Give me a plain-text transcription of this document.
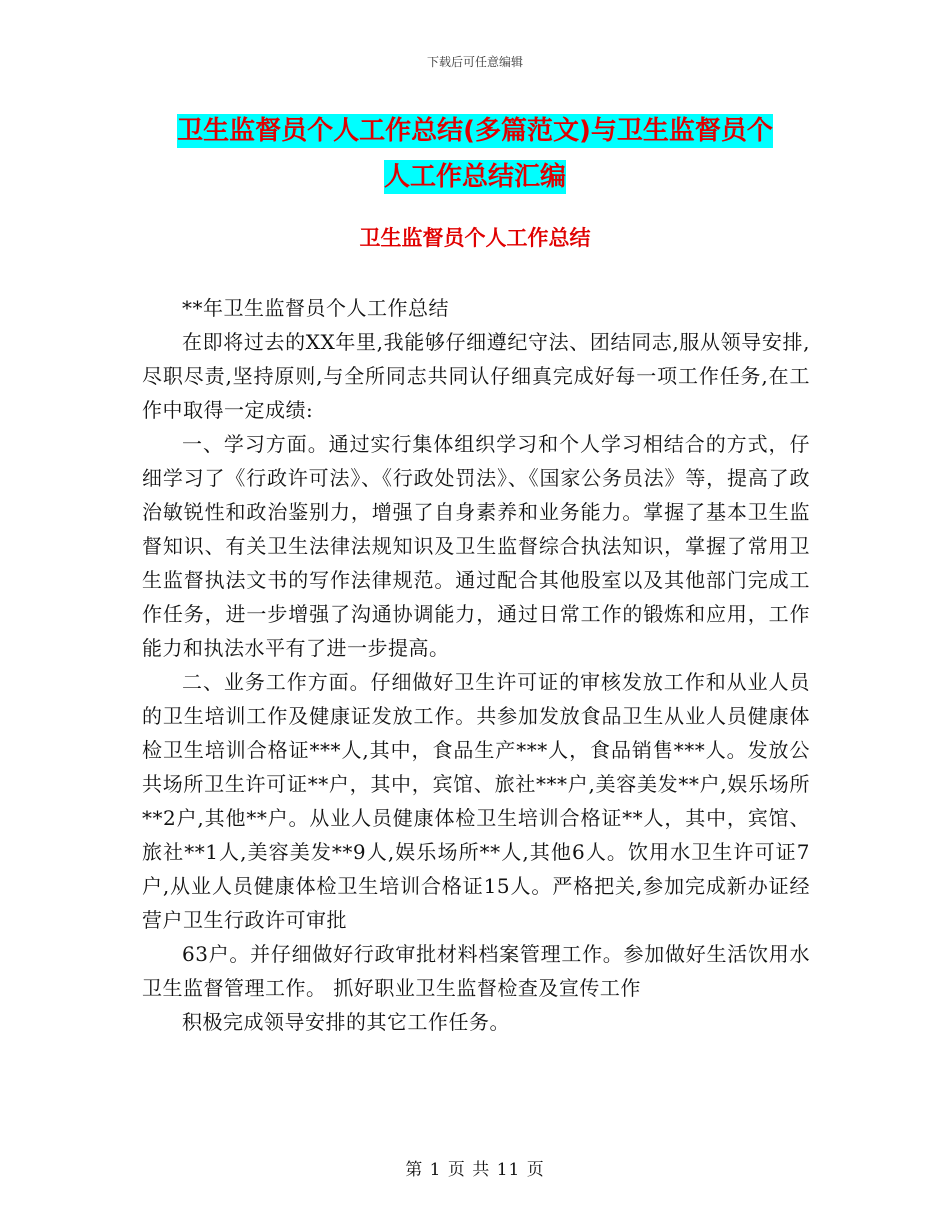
下载后可任意编辑
卫生监督员个人工作总结(多篇范文)与卫生监督员个
人工作总结汇编
卫生监督员个人工作总结

**年卫生监督员个人工作总结

在即将过去的XX年里,我能够仔细遵纪守法、团结同志,服从领导安排,尽职尽责,坚持原则,与全所同志共同认仔细真完成好每一项工作任务,在工作中取得一定成绩:

一、学习方面。通过实行集体组织学习和个人学习相结合的方式，仔细学习了《行政许可法》、《行政处罚法》、《国家公务员法》等，提高了政治敏锐性和政治鉴别力，增强了自身素养和业务能力。掌握了基本卫生监督知识、有关卫生法律法规知识及卫生监督综合执法知识，掌握了常用卫生监督执法文书的写作法律规范。通过配合其他股室以及其他部门完成工作任务，进一步增强了沟通协调能力，通过日常工作的锻炼和应用，工作能力和执法水平有了进一步提高。

二、业务工作方面。仔细做好卫生许可证的审核发放工作和从业人员的卫生培训工作及健康证发放工作。共参加发放食品卫生从业人员健康体检卫生培训合格证***人,其中，食品生产***人，食品销售***人。发放公共场所卫生许可证**户，其中，宾馆、旅社***户,美容美发**户,娱乐场所**2户,其他**户。从业人员健康体检卫生培训合格证**人，其中，宾馆、旅社**1人,美容美发**9人,娱乐场所**人,其他6人。饮用水卫生许可证7户,从业人员健康体检卫生培训合格证15人。严格把关,参加完成新办证经营户卫生行政许可审批

63户。并仔细做好行政审批材料档案管理工作。参加做好生活饮用水卫生监督管理工作。 抓好职业卫生监督检查及宣传工作

积极完成领导安排的其它工作任务。

第 1 页 共 11 页
